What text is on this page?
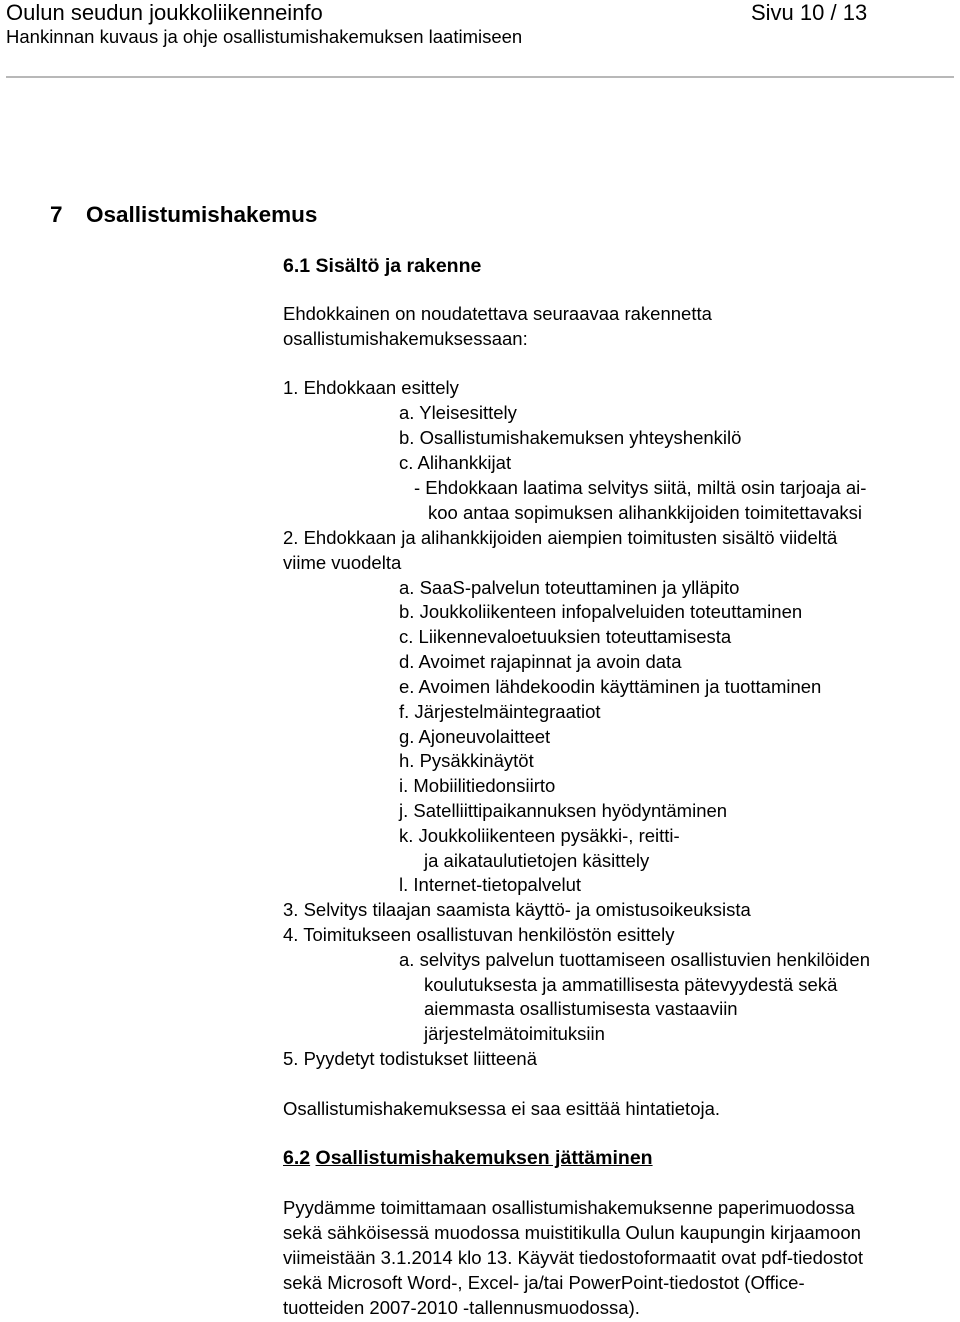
Oulun seudun joukkoliikenneinfo	Sivu 10 / 13
Hankinnan kuvaus ja ohje osallistumishakemuksen laatimiseen
7 Osallistumishakemus
6.1 Sisältö ja rakenne
Ehdokkainen on noudatettava seuraavaa rakennetta
osallistumishakemuksessaan:
1. Ehdokkaan esittely
a. Yleisesittely
b. Osallistumishakemuksen yhteyshenkilö
c. Alihankkijat
- Ehdokkaan laatima selvitys siitä, miltä osin tarjoaja ai-
koo antaa sopimuksen alihankkijoiden toimitettavaksi
2. Ehdokkaan ja alihankkijoiden aiempien toimitusten sisältö viideltä
viime vuodelta
a. SaaS-palvelun toteuttaminen ja ylläpito
b. Joukkoliikenteen infopalveluiden toteuttaminen
c. Liikennevaloetuuksien toteuttamisesta
d. Avoimet rajapinnat ja avoin data
e. Avoimen lähdekoodin käyttäminen ja tuottaminen
f. Järjestelmäintegraatiot
g. Ajoneuvolaitteet
h. Pysäkkinäytöt
i. Mobiilitiedonsiirto
j. Satelliittipaikannuksen hyödyntäminen
k. Joukkoliikenteen pysäkki-, reitti-
ja aikataulutietojen käsittely
l. Internet-tietopalvelut
3. Selvitys tilaajan saamista käyttö- ja omistusoikeuksista
4. Toimitukseen osallistuvan henkilöstön esittely
a. selvitys palvelun tuottamiseen osallistuvien henkilöiden
koulutuksesta ja ammatillisesta pätevyydestä sekä
aiemmasta osallistumisesta vastaaviin
järjestelmätoimituksiin
5. Pyydetyt todistukset liitteenä
Osallistumishakemuksessa ei saa esittää hintatietoja.
6.2 Osallistumishakemuksen jättäminen
Pyydämme toimittamaan osallistumishakemuksenne paperimuodossa
sekä sähköisessä muodossa muistitikulla Oulun kaupungin kirjaamoon
viimeistään 3.1.2014 klo 13. Käyvät tiedostoformaatit ovat pdf-tiedostot
sekä Microsoft Word-, Excel- ja/tai PowerPoint-tiedostot (Office-
tuotteiden 2007-2010 -tallennusmuodossa).
